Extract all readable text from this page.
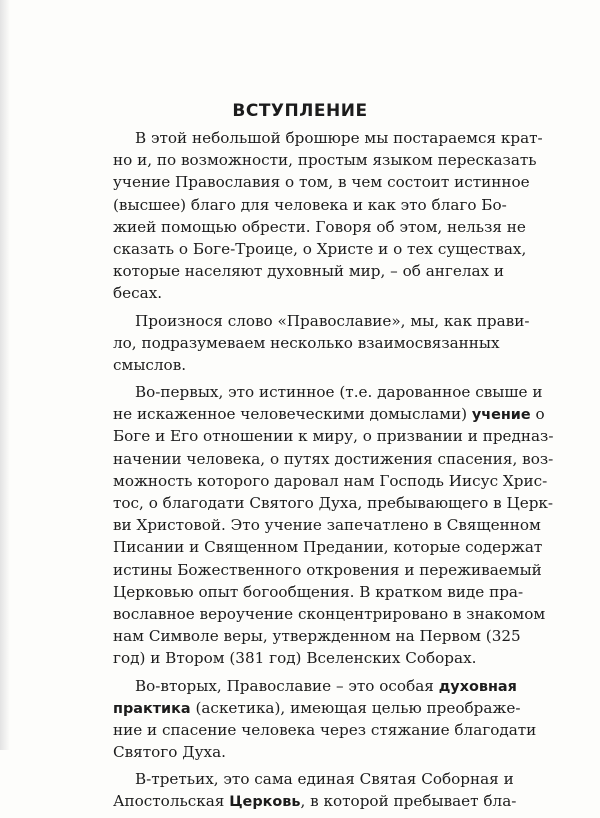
ВСТУПЛЕНИЕ
В этой небольшой брошюре мы постараемся крат-
но и, по возможности, простым языком пересказать
учение Православия о том, в чем состоит истинное
(высшее) благо для человека и как это благо Бо-
жией помощью обрести. Говоря об этом, нельзя не
сказать о Боге-Троице, о Христе и о тех существах,
которые населяют духовный мир, – об ангелах и
бесах.
Произнося слово «Православие», мы, как прави-
ло, подразумеваем несколько взаимосвязанных
смыслов.
Во-первых, это истинное (т.е. дарованное свыше и
не искаженное человеческими домыслами) учение о
Боге и Его отношении к миру, о призвании и предназ-
начении человека, о путях достижения спасения, воз-
можность которого даровал нам Господь Иисус Хрис-
тос, о благодати Святого Духа, пребывающего в Церк-
ви Христовой. Это учение запечатлено в Священном
Писании и Священном Предании, которые содержат
истины Божественного откровения и переживаемый
Церковью опыт богообщения. В кратком виде пра-
вославное вероучение сконцентрировано в знакомом
нам Символе веры, утвержденном на Первом (325
год) и Втором (381 год) Вселенских Соборах.
Во-вторых, Православие – это особая духовная
практика (аскетика), имеющая целью преображе-
ние и спасение человека через стяжание благодати
Святого Духа.
В-третьих, это сама единая Святая Соборная и
Апостольская Церковь, в которой пребывает бла-
